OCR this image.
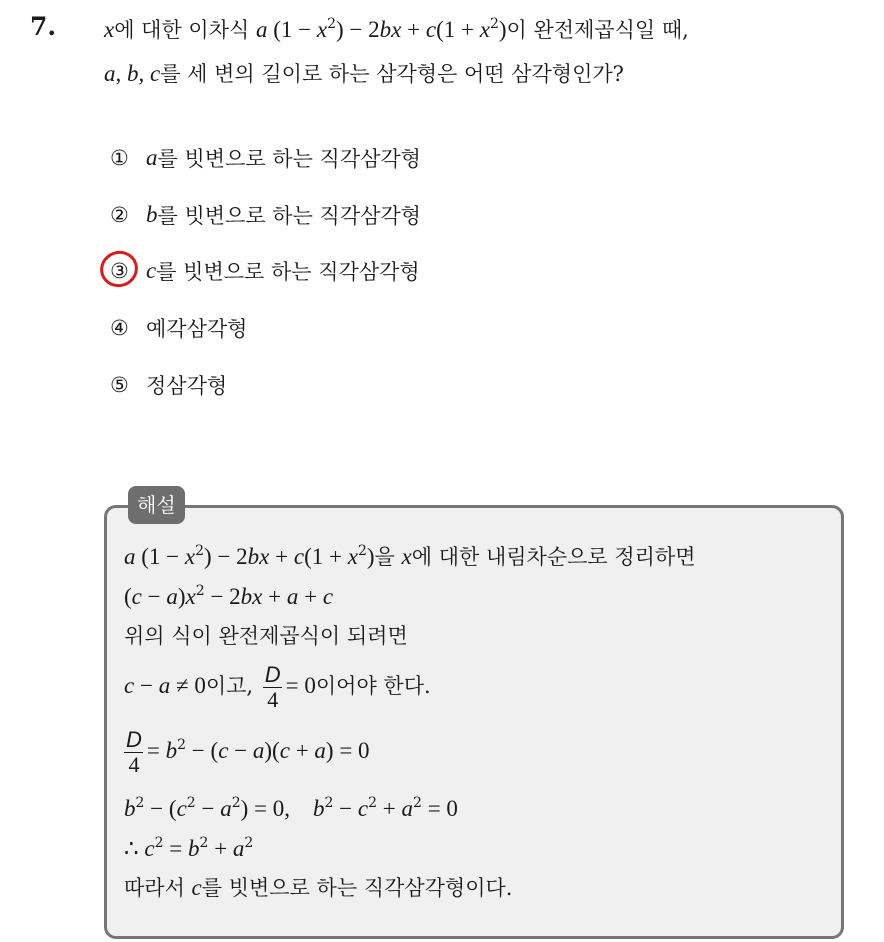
7. x에 대한 이차식 a $(1 - x^2) - 2bx + c(1 + x^2)$이 완전제곱식일 때,
a, b, c를 세 변의 길이로 하는 삼각형은 어떤 삼각형인가?
① a 를 빗변으로 하는 직각삼각형
② b 를 빗변으로 하는 직각삼각형
③ c 를 빗변으로 하는 직각삼각형
④ 예각삼각형
⑤ 정삼각형
해설
a $(1 - x^2) - 2bx + c(1 + x^2)$을 x에 대한 내림차순으로 정리하면
$(c - a)x^2 - 2bx + a + c$
위의 식이 완전제곱식이 되려면
c − a ≠ 0이고, $\frac{D}{4} = 0$이어야 한다.
$\frac{D}{4} = b^2 - (c - a)(c + a) = 0$
$b^2 - (c^2 - a^2) = 0$,    $b^2 - c^2 + a^2 = 0$
∴ $c^2 = b^2 + a^2$
따라서 c를 빗변으로 하는 직각삼각형이다.
